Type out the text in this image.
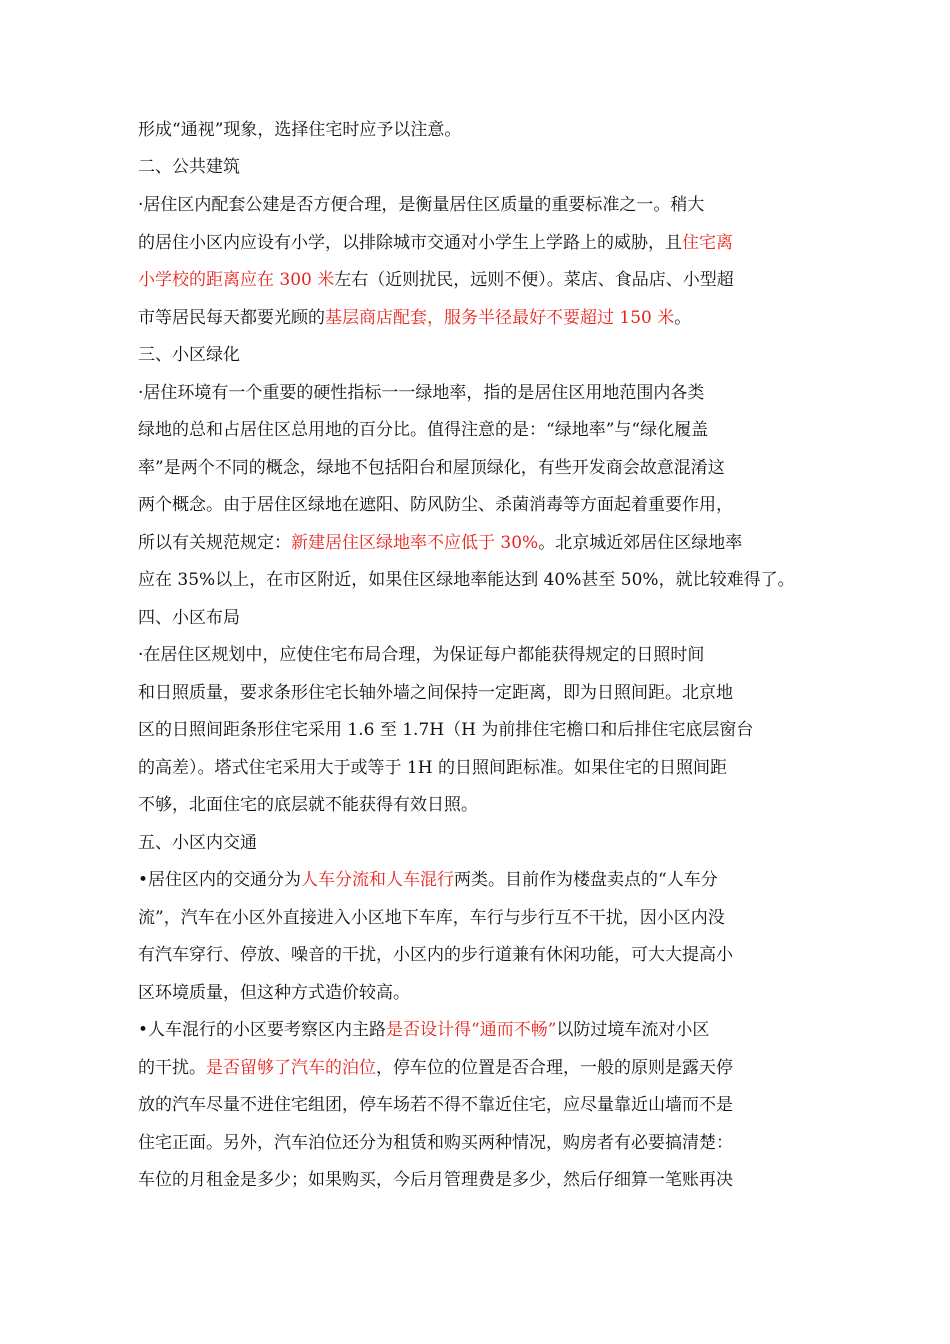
形成“通视”现象，选择住宅时应予以注意。

二、公共建筑

·居住区内配套公建是否方便合理，是衡量居住区质量的重要标准之一。稍大

的居住小区内应设有小学，以排除城市交通对小学生上学路上的威胁，且住宅离

小学校的距离应在 300 米左右（近则扰民，远则不便）。菜店、食品店、小型超

市等居民每天都要光顾的基层商店配套，服务半径最好不要超过 150 米。

三、小区绿化

·居住环境有一个重要的硬性指标一一绿地率，指的是居住区用地范围内各类

绿地的总和占居住区总用地的百分比。值得注意的是：“绿地率”与“绿化履盖

率”是两个不同的概念，绿地不包括阳台和屋顶绿化，有些开发商会故意混淆这

两个概念。由于居住区绿地在遮阳、防风防尘、杀菌消毒等方面起着重要作用，

所以有关规范规定：新建居住区绿地率不应低于 30%。北京城近郊居住区绿地率

应在 35%以上，在市区附近，如果住区绿地率能达到 40%甚至 50%，就比较难得了。

四、小区布局

·在居住区规划中，应使住宅布局合理，为保证每户都能获得规定的日照时间

和日照质量，要求条形住宅长轴外墙之间保持一定距离，即为日照间距。北京地

区的日照间距条形住宅采用 1.6 至 1.7H（H 为前排住宅檐口和后排住宅底层窗台

的高差）。塔式住宅采用大于或等于 1H 的日照间距标准。如果住宅的日照间距

不够，北面住宅的底层就不能获得有效日照。

五、小区内交通

•居住区内的交通分为人车分流和人车混行两类。目前作为楼盘卖点的“人车分

流”，汽车在小区外直接进入小区地下车库，车行与步行互不干扰，因小区内没

有汽车穿行、停放、噪音的干扰，小区内的步行道兼有休闲功能，可大大提高小

区环境质量，但这种方式造价较高。

•人车混行的小区要考察区内主路是否设计得“通而不畅”以防过境车流对小区

的干扰。是否留够了汽车的泊位，停车位的位置是否合理，一般的原则是露天停

放的汽车尽量不进住宅组团，停车场若不得不靠近住宅，应尽量靠近山墙而不是

住宅正面。另外，汽车泊位还分为租赁和购买两种情况，购房者有必要搞清楚：

车位的月租金是多少；如果购买，今后月管理费是多少，然后仔细算一笔账再决
